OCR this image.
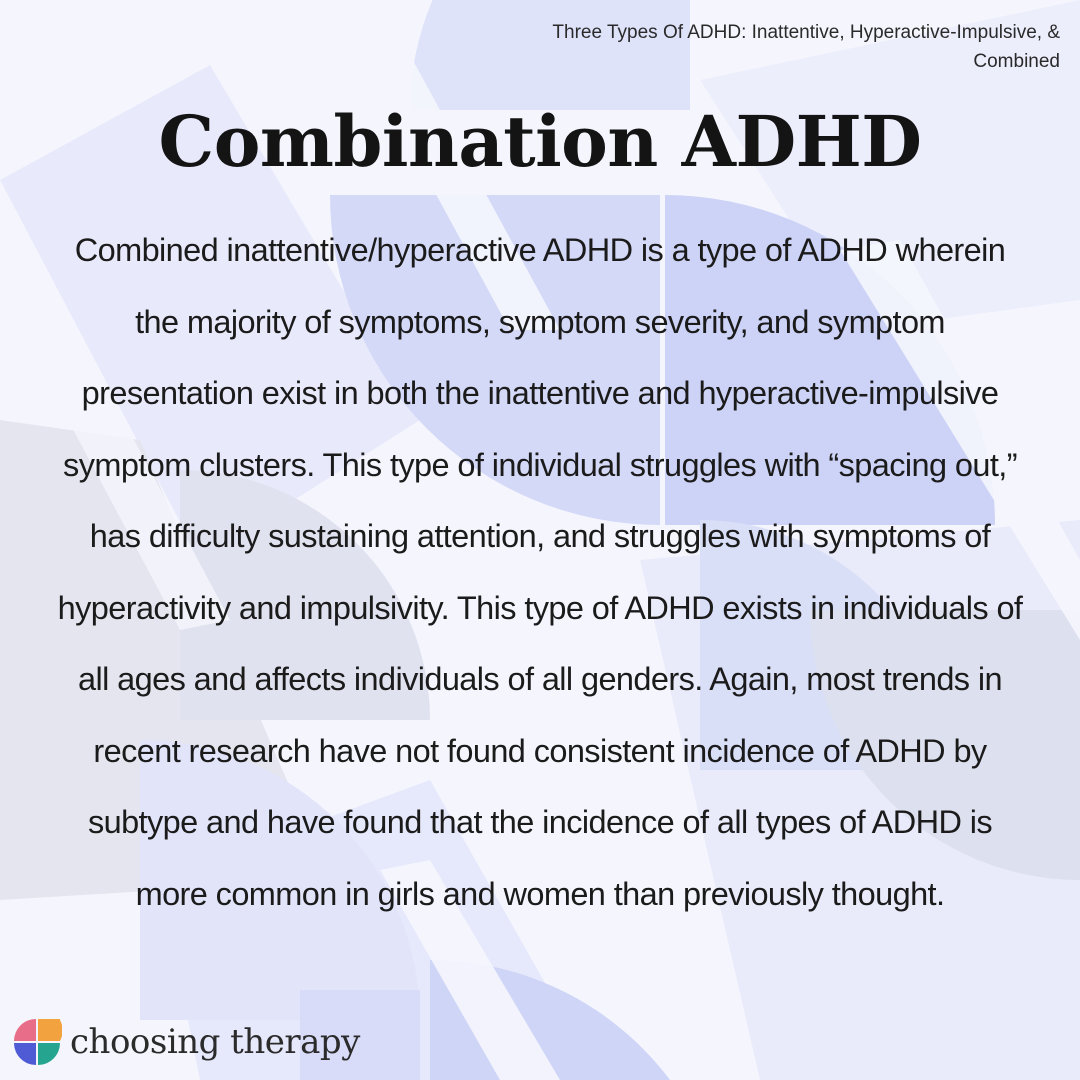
Three Types Of ADHD: Inattentive, Hyperactive-Impulsive, & Combined
Combination ADHD

Combined inattentive/hyperactive ADHD is a type of ADHD wherein the majority of symptoms, symptom severity, and symptom presentation exist in both the inattentive and hyperactive-impulsive symptom clusters. This type of individual struggles with “spacing out,” has difficulty sustaining attention, and struggles with symptoms of hyperactivity and impulsivity. This type of ADHD exists in individuals of all ages and affects individuals of all genders. Again, most trends in recent research have not found consistent incidence of ADHD by subtype and have found that the incidence of all types of ADHD is more common in girls and women than previously thought.

choosing therapy
